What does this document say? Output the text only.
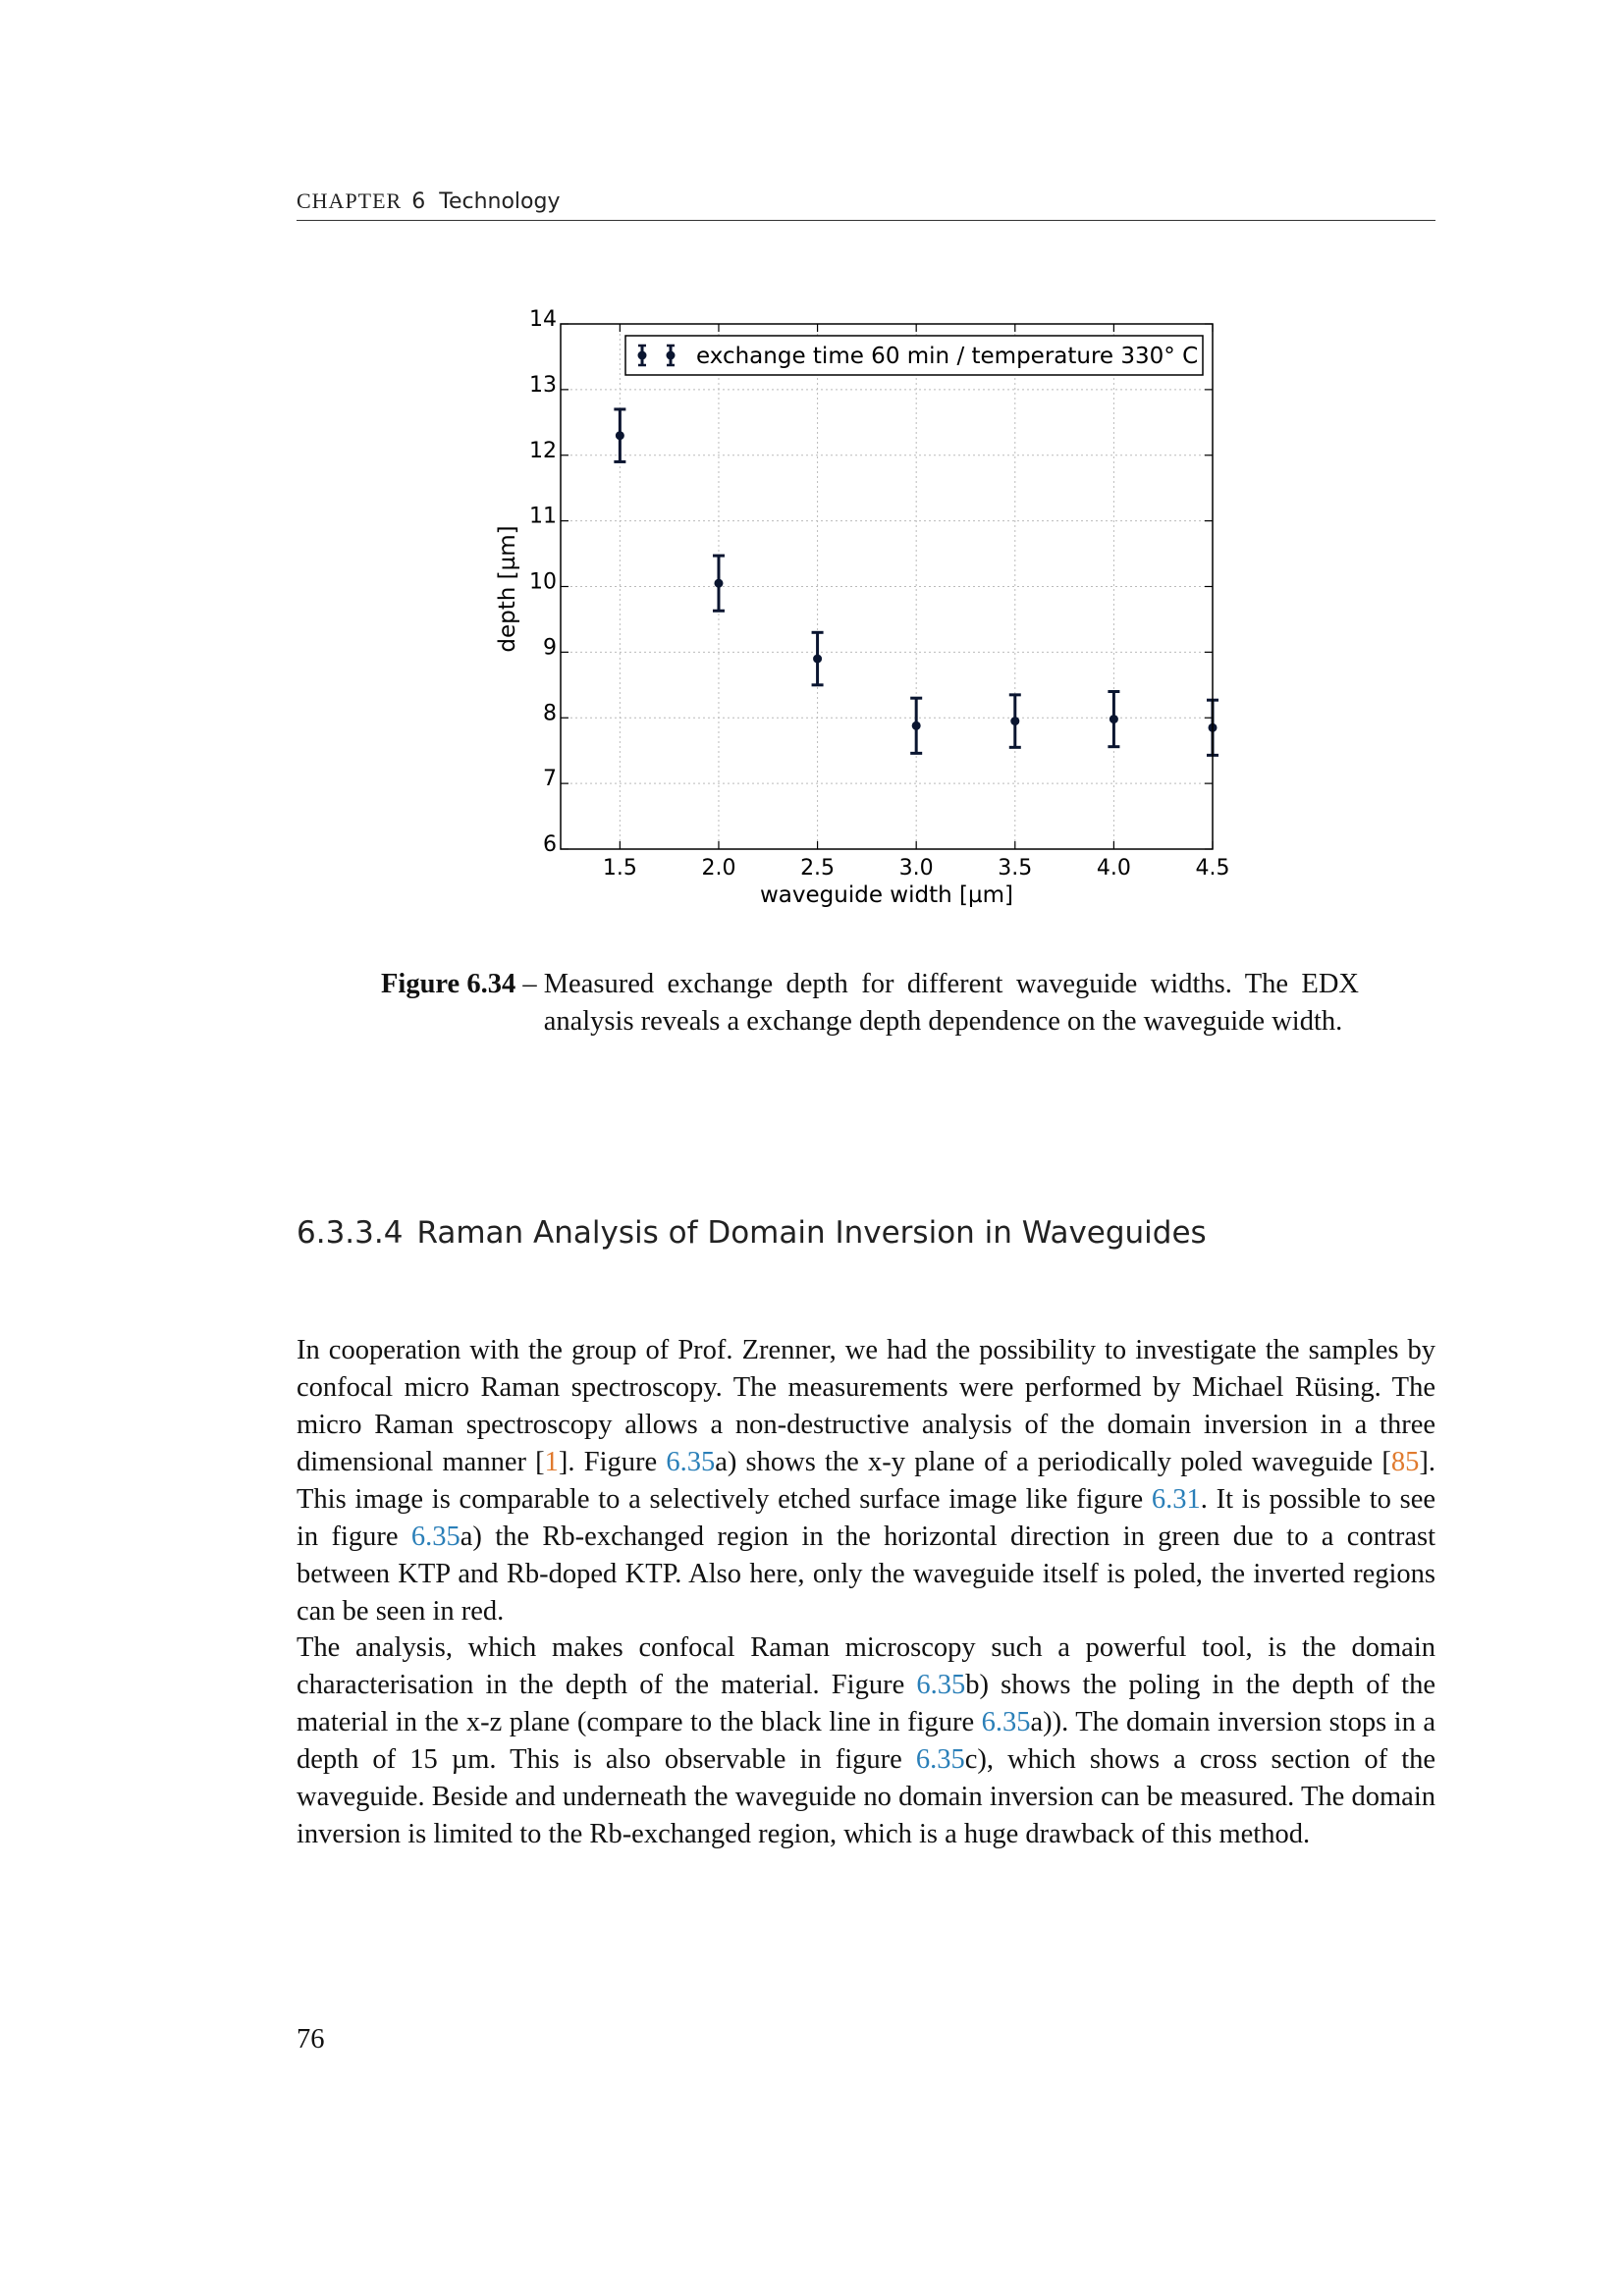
CHAPTER 6 Technology
1.5	2.0	2.5	3.0	3.5	4.0	4.5
6
7
8
9
10
11
12
13
14
exchange time 60 min / temperature 330° C
waveguide width [µm]
depth [µm]
Figure 6.34 – Measured exchange depth for different waveguide widths. The EDX analysis reveals a exchange depth dependence on the waveguide width.
6.3.3.4 Raman Analysis of Domain Inversion in Waveguides

In cooperation with the group of Prof. Zrenner, we had the possibility to investigate the samples by confocal micro Raman spectroscopy. The measurements were performed by Michael Rüsing. The micro Raman spectroscopy allows a non-destructive analysis of the domain inversion in a three dimensional manner [1]. Figure 6.35a) shows the x-y plane of a periodically poled waveguide [85]. This image is comparable to a selectively etched surface image like figure 6.31. It is possible to see in figure 6.35a) the Rb-exchanged region in the horizontal direction in green due to a contrast between KTP and Rb-doped KTP. Also here, only the waveguide itself is poled, the inverted regions can be seen in red.

The analysis, which makes confocal Raman microscopy such a powerful tool, is the domain characterisation in the depth of the material. Figure 6.35b) shows the poling in the depth of the material in the x-z plane (compare to the black line in figure 6.35a)). The domain inversion stops in a depth of 15 µm. This is also observable in figure 6.35c), which shows a cross section of the waveguide. Beside and underneath the waveguide no domain inversion can be measured. The domain inversion is limited to the Rb-exchanged region, which is a huge drawback of this method.

76
